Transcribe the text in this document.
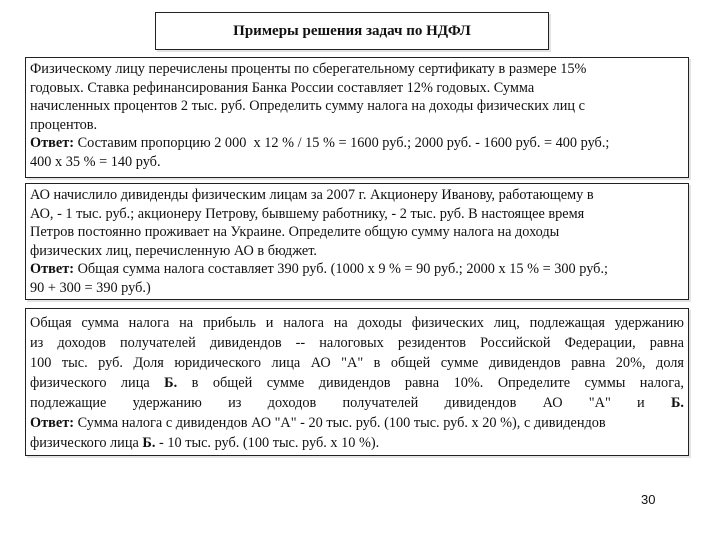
Примеры решения задач по НДФЛ
Физическому лицу перечислены проценты по сберегательному сертификату в размере 15%
годовых. Ставка рефинансирования Банка России составляет 12% годовых. Сумма
начисленных процентов 2 тыс. руб. Определить сумму налога на доходы физических лиц с
процентов.
Ответ: Составим пропорцию 2 000  x 12 % / 15 % = 1600 руб.; 2000 руб. - 1600 руб. = 400 руб.;
400 x 35 % = 140 руб.
АО начислило дивиденды физическим лицам за 2007 г. Акционеру Иванову, работающему в
АО, - 1 тыс. руб.; акционеру Петрову, бывшему работнику, - 2 тыс. руб. В настоящее время
Петров постоянно проживает на Украине. Определите общую сумму налога на доходы
физических лиц, перечисленную АО в бюджет.
Ответ: Общая сумма налога составляет 390 руб. (1000 x 9 % = 90 руб.; 2000 x 15 % = 300 руб.;
90 + 300 = 390 руб.)
Общая сумма налога на прибыль и налога на доходы физических лиц, подлежащая удержанию
из доходов получателей дивидендов -- налоговых резидентов Российской Федерации, равна
100 тыс. руб. Доля юридического лица АО "А" в общей сумме дивидендов равна 20%, доля
физического лица Б. в общей сумме дивидендов равна 10%. Определите суммы налога,
подлежащие удержанию из доходов получателей дивидендов АО "А" и Б.
Ответ: Сумма налога с дивидендов АО "А" - 20 тыс. руб. (100 тыс. руб. x 20 %), с дивидендов
физического лица Б. - 10 тыс. руб. (100 тыс. руб. x 10 %).
30
